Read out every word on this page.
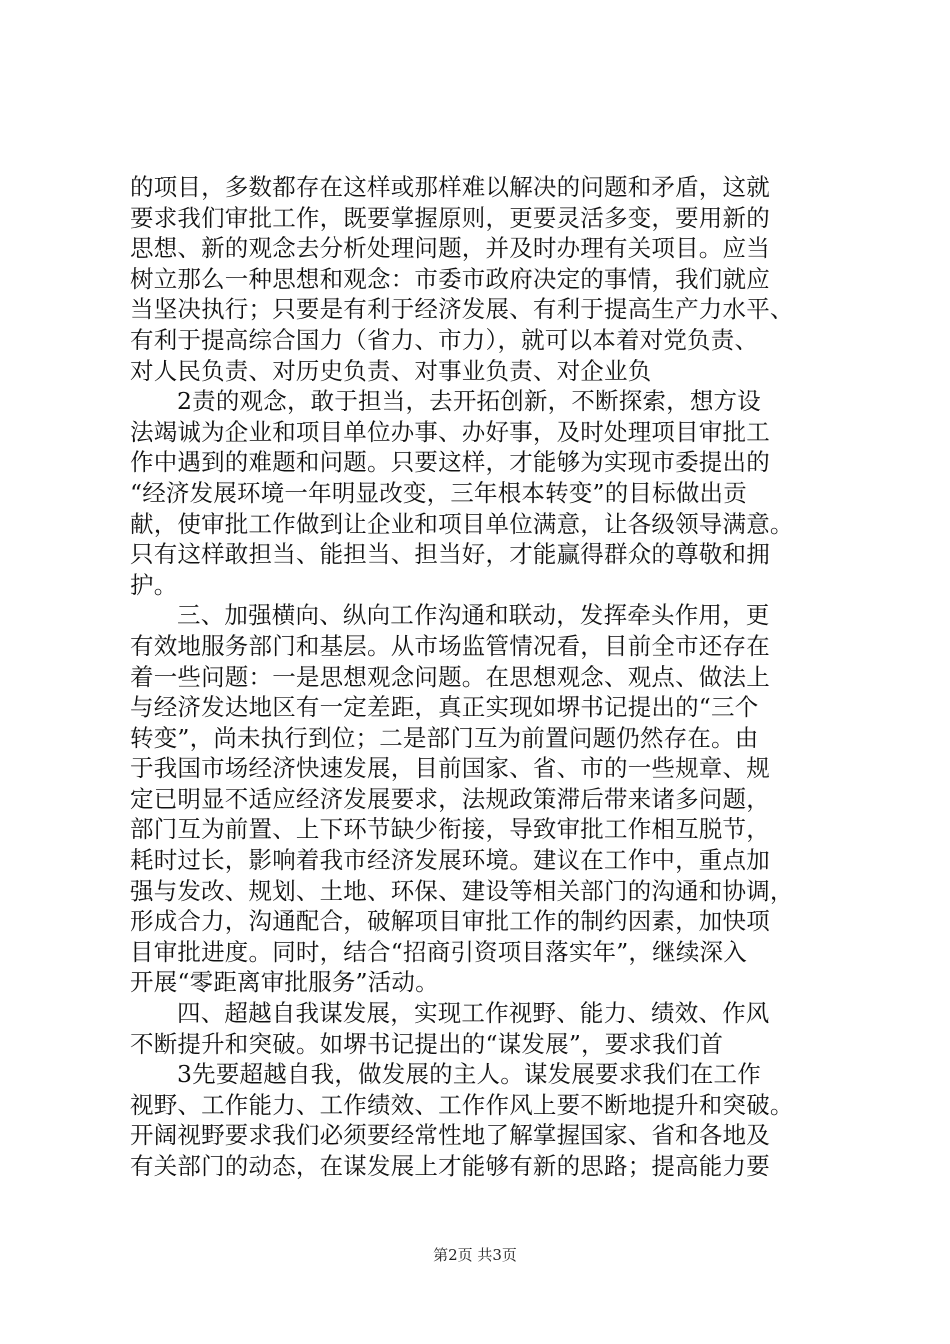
的项目，多数都存在这样或那样难以解决的问题和矛盾，这就
要求我们审批工作，既要掌握原则，更要灵活多变，要用新的
思想、新的观念去分析处理问题，并及时办理有关项目。应当
树立那么一种思想和观念：市委市政府决定的事情，我们就应
当坚决执行；只要是有利于经济发展、有利于提高生产力水平、
有利于提高综合国力（省力、市力），就可以本着对党负责、
对人民负责、对历史负责、对事业负责、对企业负
2责的观念，敢于担当，去开拓创新，不断探索，想方设
法竭诚为企业和项目单位办事、办好事，及时处理项目审批工
作中遇到的难题和问题。只要这样，才能够为实现市委提出的
“经济发展环境一年明显改变，三年根本转变”的目标做出贡
献，使审批工作做到让企业和项目单位满意，让各级领导满意。
只有这样敢担当、能担当、担当好，才能赢得群众的尊敬和拥
护。
三、加强横向、纵向工作沟通和联动，发挥牵头作用，更
有效地服务部门和基层。从市场监管情况看，目前全市还存在
着一些问题：一是思想观念问题。在思想观念、观点、做法上
与经济发达地区有一定差距，真正实现如堺书记提出的“三个
转变”，尚未执行到位；二是部门互为前置问题仍然存在。由
于我国市场经济快速发展，目前国家、省、市的一些规章、规
定已明显不适应经济发展要求，法规政策滞后带来诸多问题，
部门互为前置、上下环节缺少衔接，导致审批工作相互脱节，
耗时过长，影响着我市经济发展环境。建议在工作中，重点加
强与发改、规划、土地、环保、建设等相关部门的沟通和协调，
形成合力，沟通配合，破解项目审批工作的制约因素，加快项
目审批进度。同时，结合“招商引资项目落实年”，继续深入
开展“零距离审批服务”活动。
四、超越自我谋发展，实现工作视野、能力、绩效、作风
不断提升和突破。如堺书记提出的“谋发展”，要求我们首
3先要超越自我，做发展的主人。谋发展要求我们在工作
视野、工作能力、工作绩效、工作作风上要不断地提升和突破。
开阔视野要求我们必须要经常性地了解掌握国家、省和各地及
有关部门的动态，在谋发展上才能够有新的思路；提高能力要
第2页 共3页
